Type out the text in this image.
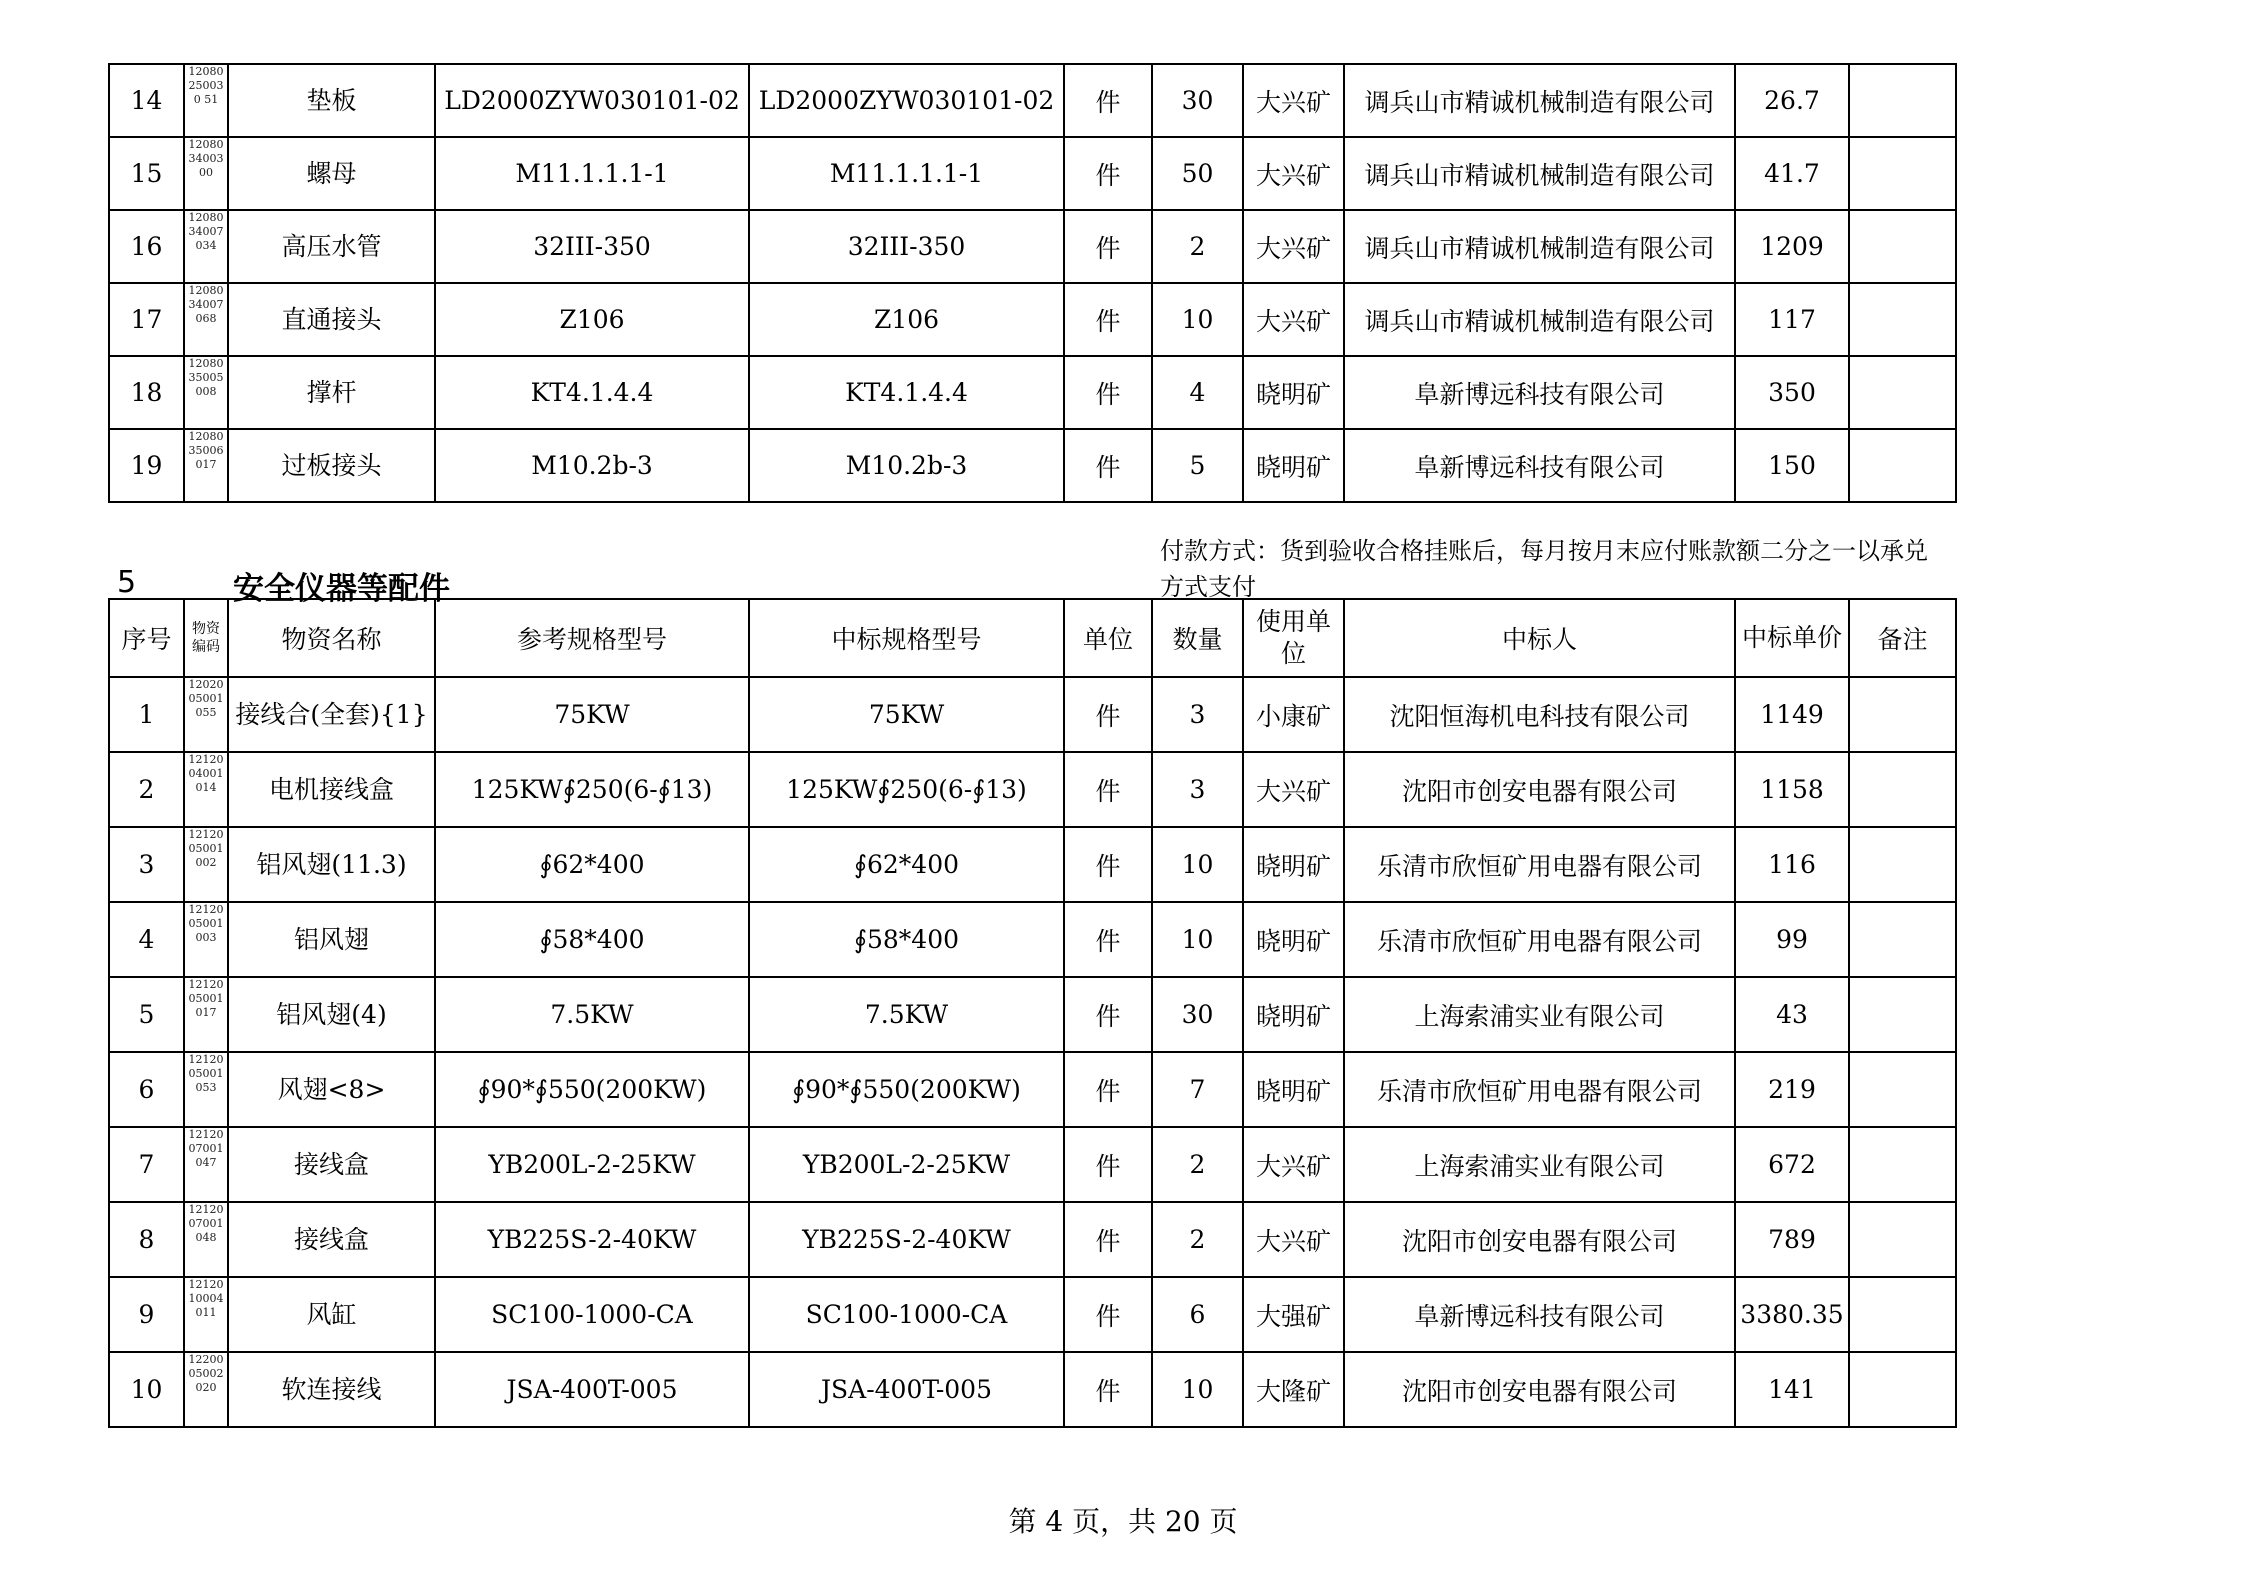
14	12080250030 51	垫板	LD2000ZYW030101-02	LD2000ZYW030101-02	件	30	大兴矿	调兵山市精诚机械制造有限公司	26.7	
15	120803400300	螺母	M11.1.1.1-1	M11.1.1.1-1	件	50	大兴矿	调兵山市精诚机械制造有限公司	41.7	
16	1208034007034	高压水管	32III-350	32III-350	件	2	大兴矿	调兵山市精诚机械制造有限公司	1209	
17	1208034007068	直通接头	Z106	Z106	件	10	大兴矿	调兵山市精诚机械制造有限公司	117	
18	1208035005008	撑杆	KT4.1.4.4	KT4.1.4.4	件	4	晓明矿	阜新博远科技有限公司	350	
19	1208035006017	过板接头	M10.2b-3	M10.2b-3	件	5	晓明矿	阜新博远科技有限公司	150	
5	安全仪器等配件
付款方式：货到验收合格挂账后，每月按月末应付账款额二分之一以承兑方式支付
序号	物资编码	物资名称	参考规格型号	中标规格型号	单位	数量	使用单位	中标人	中标单价	备注
1	1202005001055	接线合(全套){1}	75KW	75KW	件	3	小康矿	沈阳恒海机电科技有限公司	1149	
2	1212004001014	电机接线盒	125KW∮250(6-∮13)	125KW∮250(6-∮13)	件	3	大兴矿	沈阳市创安电器有限公司	1158	
3	1212005001002	铝风翅(11.3)	∮62*400	∮62*400	件	10	晓明矿	乐清市欣恒矿用电器有限公司	116	
4	1212005001003	铝风翅	∮58*400	∮58*400	件	10	晓明矿	乐清市欣恒矿用电器有限公司	99	
5	1212005001017	铝风翅(4)	7.5KW	7.5KW	件	30	晓明矿	上海索浦实业有限公司	43	
6	1212005001053	风翅<8>	∮90*∮550(200KW)	∮90*∮550(200KW)	件	7	晓明矿	乐清市欣恒矿用电器有限公司	219	
7	1212007001047	接线盒	YB200L-2-25KW	YB200L-2-25KW	件	2	大兴矿	上海索浦实业有限公司	672	
8	1212007001048	接线盒	YB225S-2-40KW	YB225S-2-40KW	件	2	大兴矿	沈阳市创安电器有限公司	789	
9	1212010004011	风缸	SC100-1000-CA	SC100-1000-CA	件	6	大强矿	阜新博远科技有限公司	3380.35	
10	1220005002020	软连接线	JSA-400T-005	JSA-400T-005	件	10	大隆矿	沈阳市创安电器有限公司	141	
第 4 页，共 20 页
